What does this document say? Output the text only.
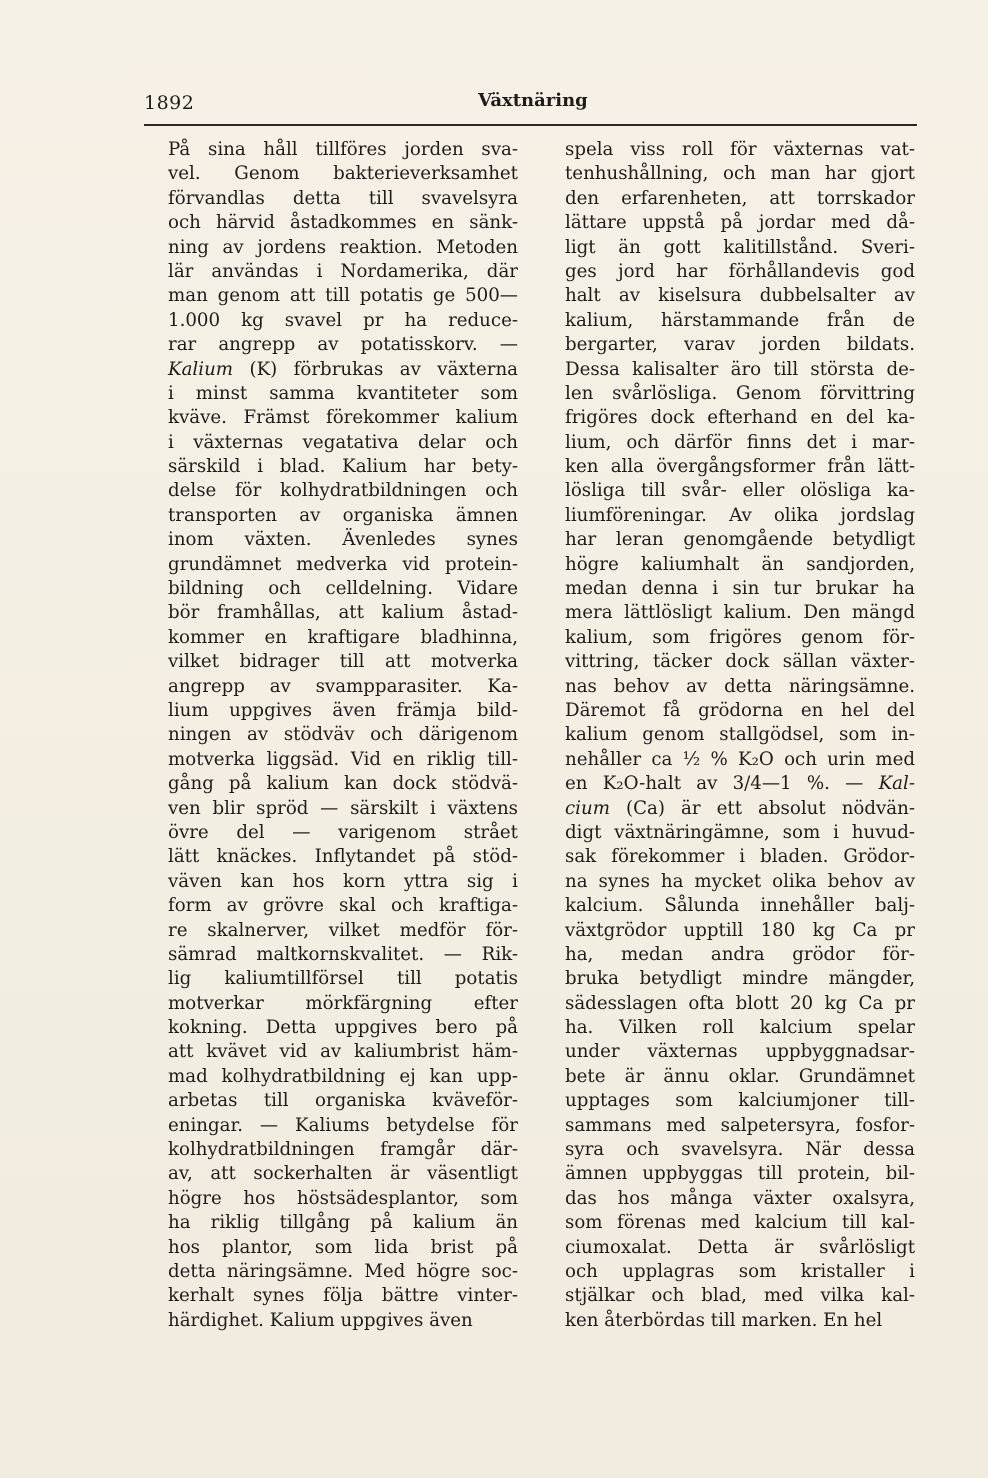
1892	Växtnäring
På sina håll tillföres jorden sva-
vel. Genom bakterieverksamhet
förvandlas detta till svavelsyra
och härvid åstadkommes en sänk-
ning av jordens reaktion. Metoden
lär användas i Nordamerika, där
man genom att till potatis ge 500—
1.000 kg svavel pr ha reduce-
rar angrepp av potatisskorv. —
Kalium (K) förbrukas av växterna
i minst samma kvantiteter som
kväve. Främst förekommer kalium
i växternas vegatativa delar och
särskild i blad. Kalium har bety-
delse för kolhydratbildningen och
transporten av organiska ämnen
inom växten. Ävenledes synes
grundämnet medverka vid protein-
bildning och celldelning. Vidare
bör framhållas, att kalium åstad-
kommer en kraftigare bladhinna,
vilket bidrager till att motverka
angrepp av svampparasiter. Ka-
lium uppgives även främja bild-
ningen av stödväv och därigenom
motverka liggsäd. Vid en riklig till-
gång på kalium kan dock stödvä-
ven blir spröd — särskilt i växtens
övre del — varigenom strået
lätt knäckes. Inflytandet på stöd-
väven kan hos korn yttra sig i
form av grövre skal och kraftiga-
re skalnerver, vilket medför för-
sämrad maltkornskvalitet. — Rik-
lig kaliumtillförsel till potatis
motverkar mörkfärgning efter
kokning. Detta uppgives bero på
att kvävet vid av kaliumbrist häm-
mad kolhydratbildning ej kan upp-
arbetas till organiska kväveför-
eningar. — Kaliums betydelse för
kolhydratbildningen framgår där-
av, att sockerhalten är väsentligt
högre hos höstsädesplantor, som
ha riklig tillgång på kalium än
hos plantor, som lida brist på
detta näringsämne. Med högre soc-
kerhalt synes följa bättre vinter-
härdighet. Kalium uppgives även
spela viss roll för växternas vat-
tenhushållning, och man har gjort
den erfarenheten, att torrskador
lättare uppstå på jordar med då-
ligt än gott kalitillstånd. Sveri-
ges jord har förhållandevis god
halt av kiselsura dubbelsalter av
kalium, härstammande från de
bergarter, varav jorden bildats.
Dessa kalisalter äro till största de-
len svårlösliga. Genom förvittring
frigöres dock efterhand en del ka-
lium, och därför finns det i mar-
ken alla övergångsformer från lätt-
lösliga till svår- eller olösliga ka-
liumföreningar. Av olika jordslag
har leran genomgående betydligt
högre kaliumhalt än sandjorden,
medan denna i sin tur brukar ha
mera lättlösligt kalium. Den mängd
kalium, som frigöres genom för-
vittring, täcker dock sällan växter-
nas behov av detta näringsämne.
Däremot få grödorna en hel del
kalium genom stallgödsel, som in-
nehåller ca ½ % K₂O och urin med
en K₂O-halt av 3/4—1 %. — Kal-
cium (Ca) är ett absolut nödvän-
digt växtnäringämne, som i huvud-
sak förekommer i bladen. Grödor-
na synes ha mycket olika behov av
kalcium. Sålunda innehåller balj-
växtgrödor upptill 180 kg Ca pr
ha, medan andra grödor för-
bruka betydligt mindre mängder,
sädesslagen ofta blott 20 kg Ca pr
ha. Vilken roll kalcium spelar
under växternas uppbyggnadsar-
bete är ännu oklar. Grundämnet
upptages som kalciumjoner till-
sammans med salpetersyra, fosfor-
syra och svavelsyra. När dessa
ämnen uppbyggas till protein, bil-
das hos många växter oxalsyra,
som förenas med kalcium till kal-
ciumoxalat. Detta är svårlösligt
och upplagras som kristaller i
stjälkar och blad, med vilka kal-
ken återbördas till marken. En hel
